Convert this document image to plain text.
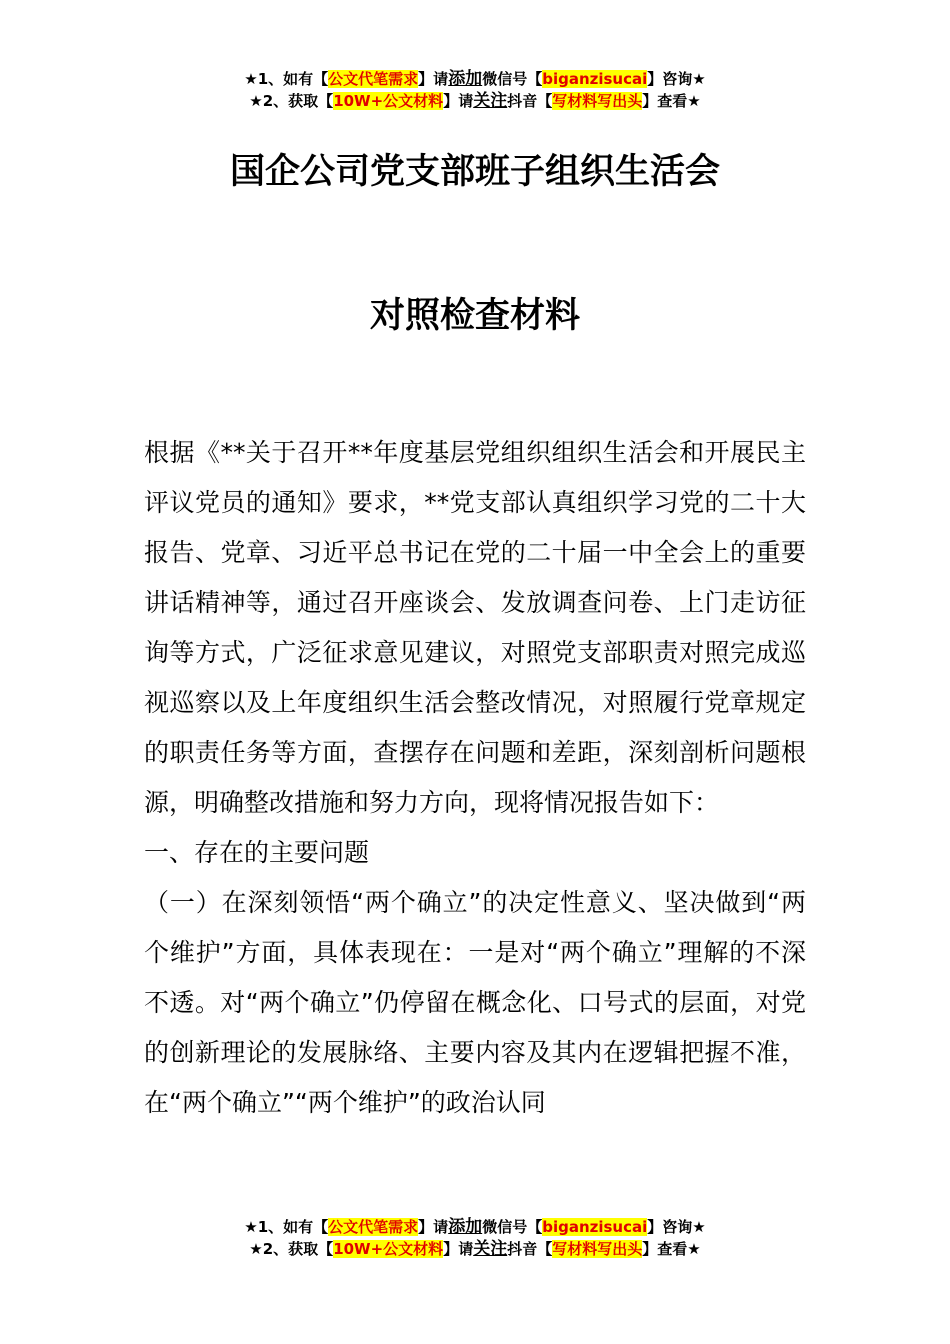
★1、如有【公文代笔需求】请添加微信号【biganzisucai】咨询★
★2、获取【10W+公文材料】请关注抖音【写材料写出头】查看★
国企公司党支部班子组织生活会
对照检查材料

根据《**关于召开**年度基层党组织组织生活会和开展民主评议党员的通知》要求，**党支部认真组织学习党的二十大报告、党章、习近平总书记在党的二十届一中全会上的重要讲话精神等，通过召开座谈会、发放调查问卷、上门走访征询等方式，广泛征求意见建议，对照党支部职责对照完成巡视巡察以及上年度组织生活会整改情况，对照履行党章规定的职责任务等方面，查摆存在问题和差距，深刻剖析问题根源，明确整改措施和努力方向，现将情况报告如下：

一、存在的主要问题

（一）在深刻领悟“两个确立”的决定性意义、坚决做到“两个维护”方面，具体表现在：一是对“两个确立”理解的不深不透。对“两个确立”仍停留在概念化、口号式的层面，对党的创新理论的发展脉络、主要内容及其内在逻辑把握不准，在“两个确立”“两个维护”的政治认同

★1、如有【公文代笔需求】请添加微信号【biganzisucai】咨询★
★2、获取【10W+公文材料】请关注抖音【写材料写出头】查看★
